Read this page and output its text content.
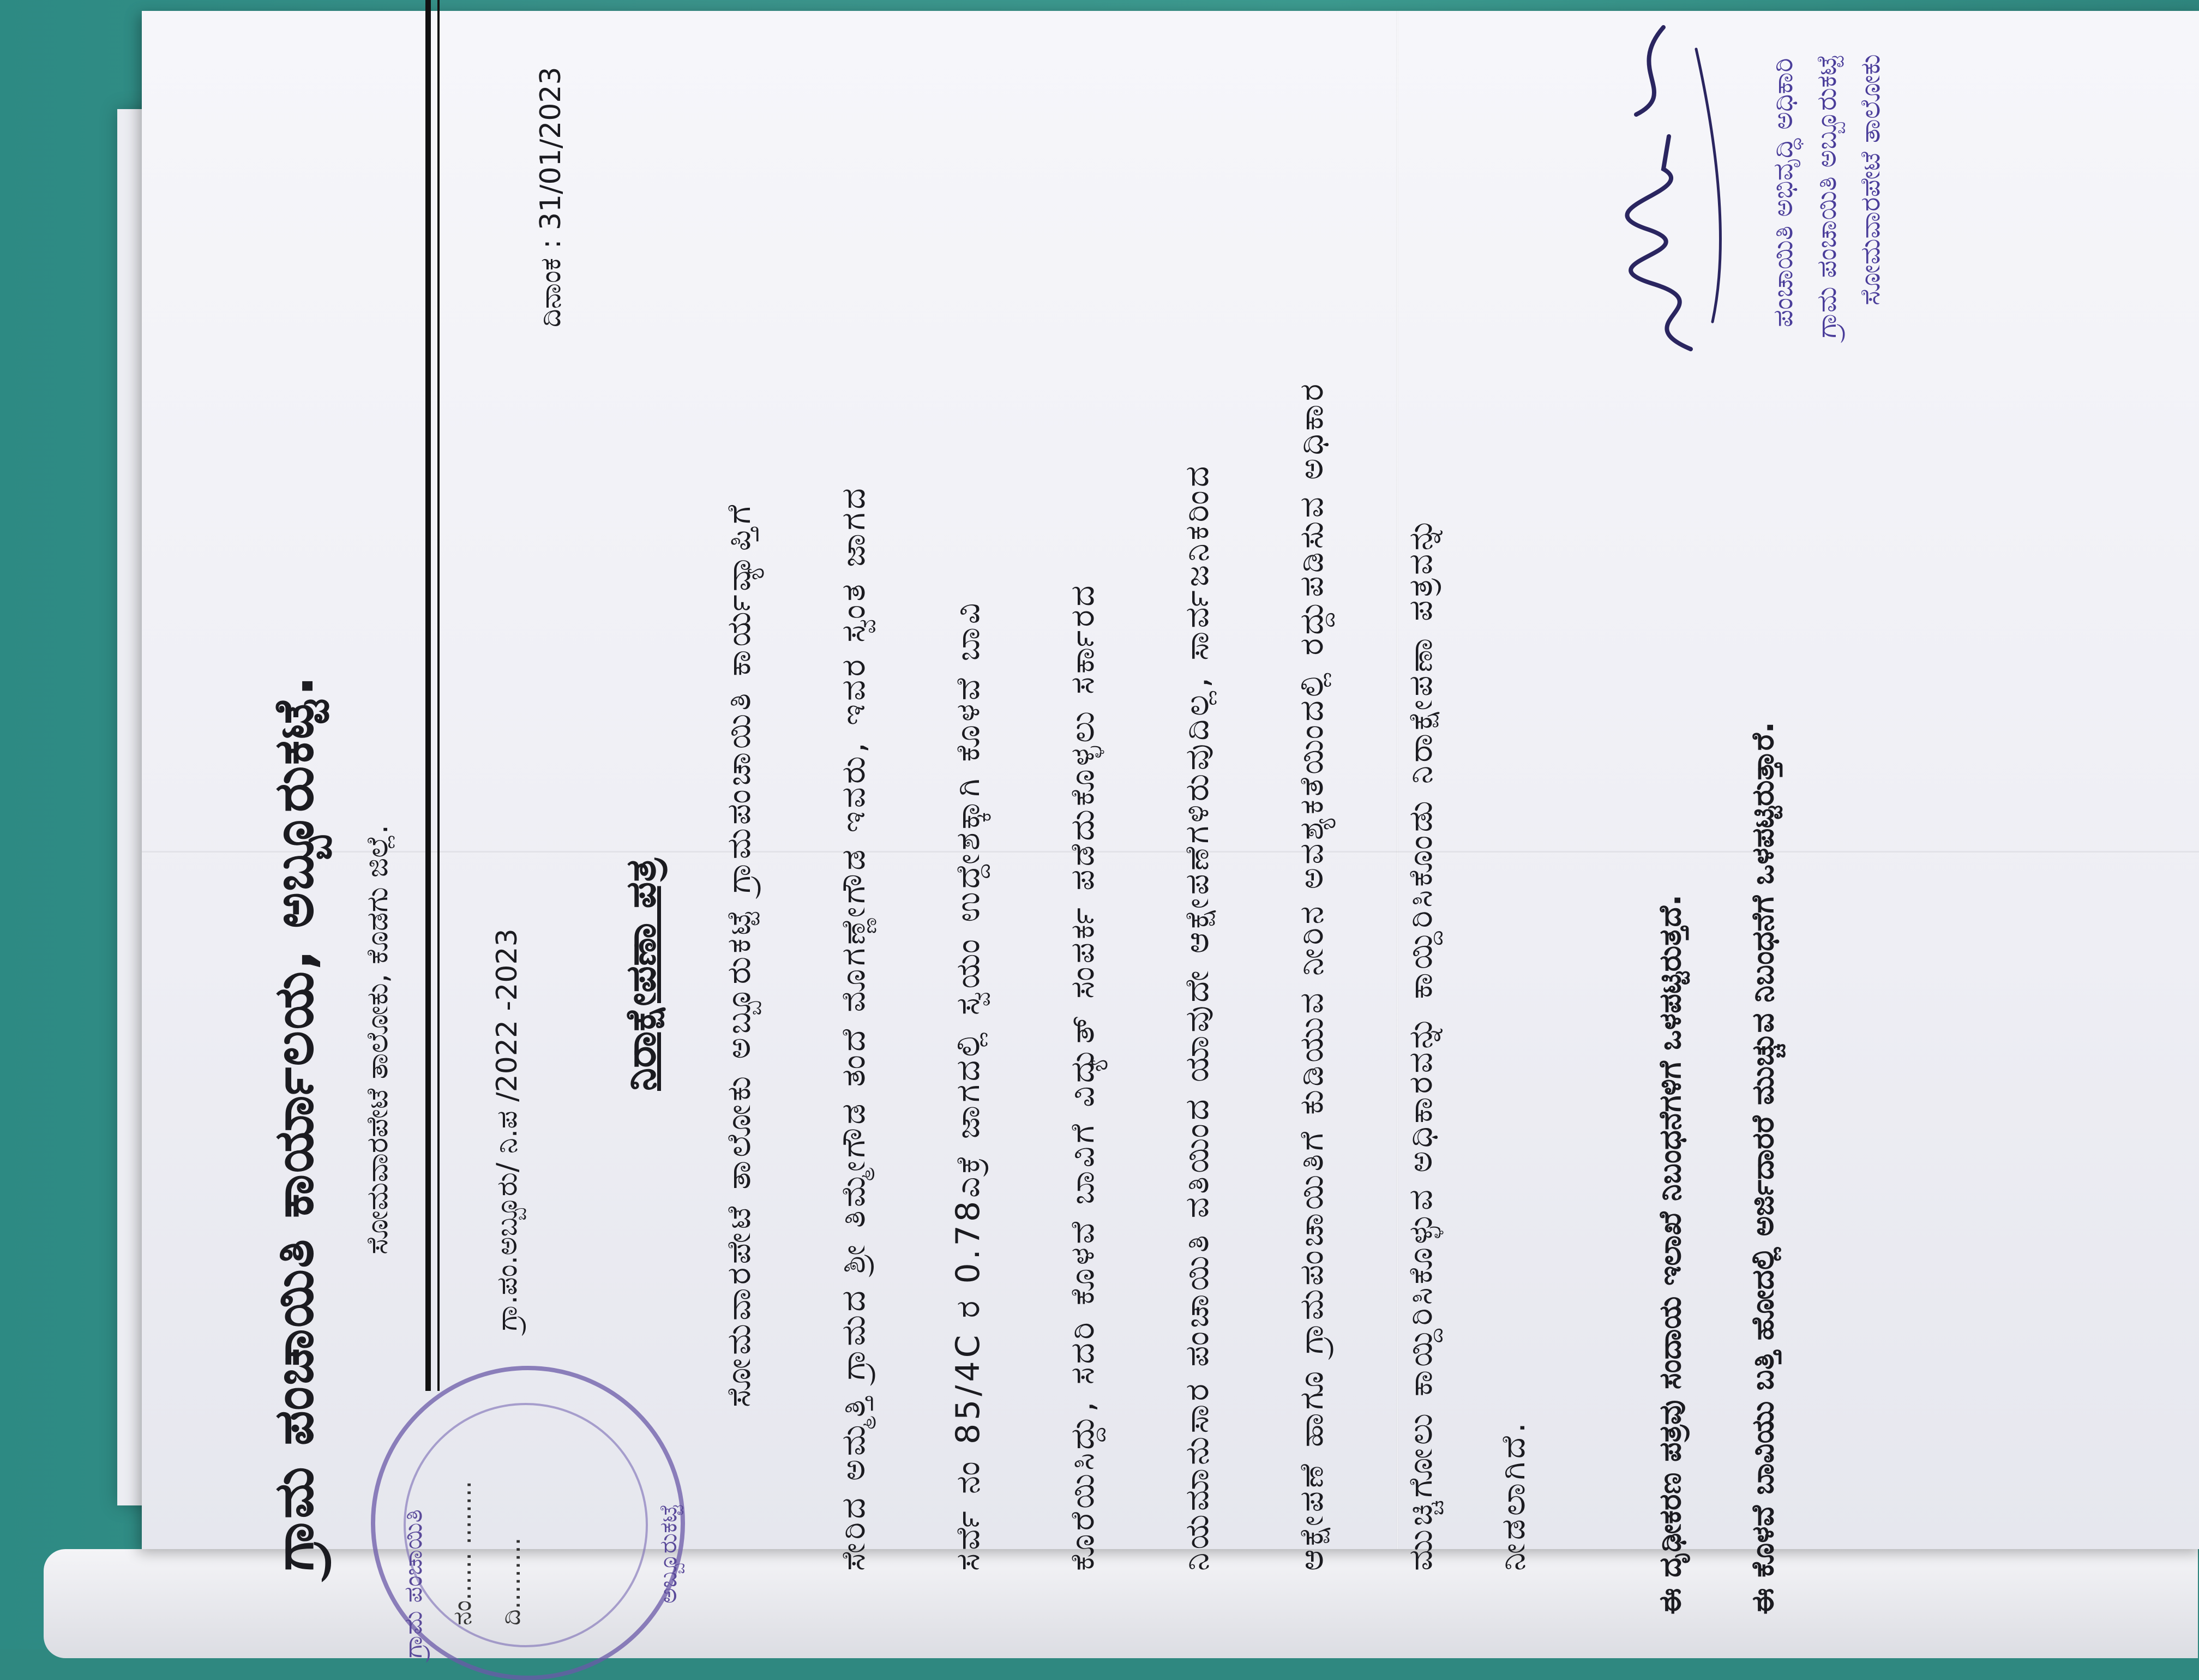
ಗ್ರಾಮ ಪಂಚಾಯಿತಿ ನಂ...... ........ ದಿ.........	ಅಬ್ಬೂರುಕಟ್ಟೆ
ಗ್ರಾಮ ಪಂಚಾಯಿತಿ ಕಾರ್ಯಾಲಯ, ಅಬ್ಬೂರುಕಟ್ಟೆ. ಸೋಮವಾರಪೇಟೆ ತಾಲೋಕು, ಕೊಡಗು ಜಿಲ್ಲೆ.	ಗ್ರಾ.ಪಂ.ಅಬ್ಬೂರು/ ನಿ.ಪ /2022 -2023
ದಿನಾಂಕ : 31/01/2023
ನಿರಾಕ್ಷೇಪಣಾ ಪತ್ರ ಸೋಮವಾರಪೇಟೆ ತಾಲೋಕು ಅಬ್ಬೂರುಕಟ್ಟೆ ಗ್ರಾಮಪಂಚಾಯಿತಿ ಕಾರ್ಯವ್ಯಾಪ್ತಿಗೆ ಸೇರಿದ ಅಮ್ಮತ್ತಿ ಗ್ರಾಮದ ಶ್ರೀ ತಿಮ್ಮೇಗೌಡ ತಂದೆ ಮೊಗಣ್ಣೇಗೌಡ ಇವರು, ಇವರ ಸ್ವಂತ ಜಾಗದ ಸರ್ವೆ ನಂ 85/4C ರ 0.78ಎಕ್ರೆ ಜಾಗದಲ್ಲಿ ಸ್ವಯಂ ಉದ್ದೇಶಕ್ಕಾಗಿ ಕೊಳವೆ ಬಾವಿ ಕೊರೆಯಿಸಿದ್ದು, ಸದರಿ ಕೊಳವೆ ಬಾವಿಗೆ ವಿದ್ಯುತ್ ಸಂಪರ್ಕ ಪಡೆದುಕೊಳ್ಳಲು ಸರ್ಕಾರದ ನಿಯಮಾನುಸಾರ ಪಂಚಾಯಿತಿ ವತಿಯಿಂದ ಯಾವುದೇ ಆಕ್ಷೇಪಣೆಗಳಿರುವುದಿಲ್ಲ, ಸಾರ್ವಜನಿಕರಿಂದ ಆಕ್ಷೇಪಣೆ ಹಾಗೂ ಗ್ರಾಮಪಂಚಾಯಿತಿಗೆ ಕುಡಿಯುವ ನೀರಿನ ಅವಶ್ಯಕತೆಯಿಂದಲ್ಲಿ ರದ್ದುಪಡಿಸುವ ಅಧಿಕಾರ ಮುಚ್ಚಿಗೋಲು ಕಾಯ್ದಿರಿಸಿಕೊಳ್ಳುವ ಅಧಿಕಾರವನ್ನು ಕಾಯ್ದಿರಿಸಿಕೊಂಡು ನಿರಾಕ್ಷೇಪಣಾ ಪತ್ರವನ್ನು ನೀಡಲಾಗಿದೆ.	ಈ ದೃಢೀಕರಣ ಪತ್ರವು ಸಂದಾಯ ಇಲಾಖೆ ನಿಬಂಧನೆಗಳಿಗೆ ಒಳಪಟ್ಟಿರುತ್ತದೆ. ಈ ಕೊಳವೆ ಬಾವಿಯು ಬತ್ತಿ ಹೋದಲ್ಲಿ ಅರ್ಜಿದಾರರೆ ಮುಚ್ಚುವ ನಿಬಂಧನೆಗೆ ಒಳಪಟ್ಟಿರುತ್ತಾರೆ.
ಪಂಚಾಯಿತಿ ಅಭಿವೃದ್ಧಿ ಅಧಿಕಾರಿ ಗ್ರಾಮ ಪಂಚಾಯಿತಿ ಅಬ್ಬೂರುಕಟ್ಟೆ ಸೋಮವಾರಪೇಟೆ ತಾಲೋಕು
